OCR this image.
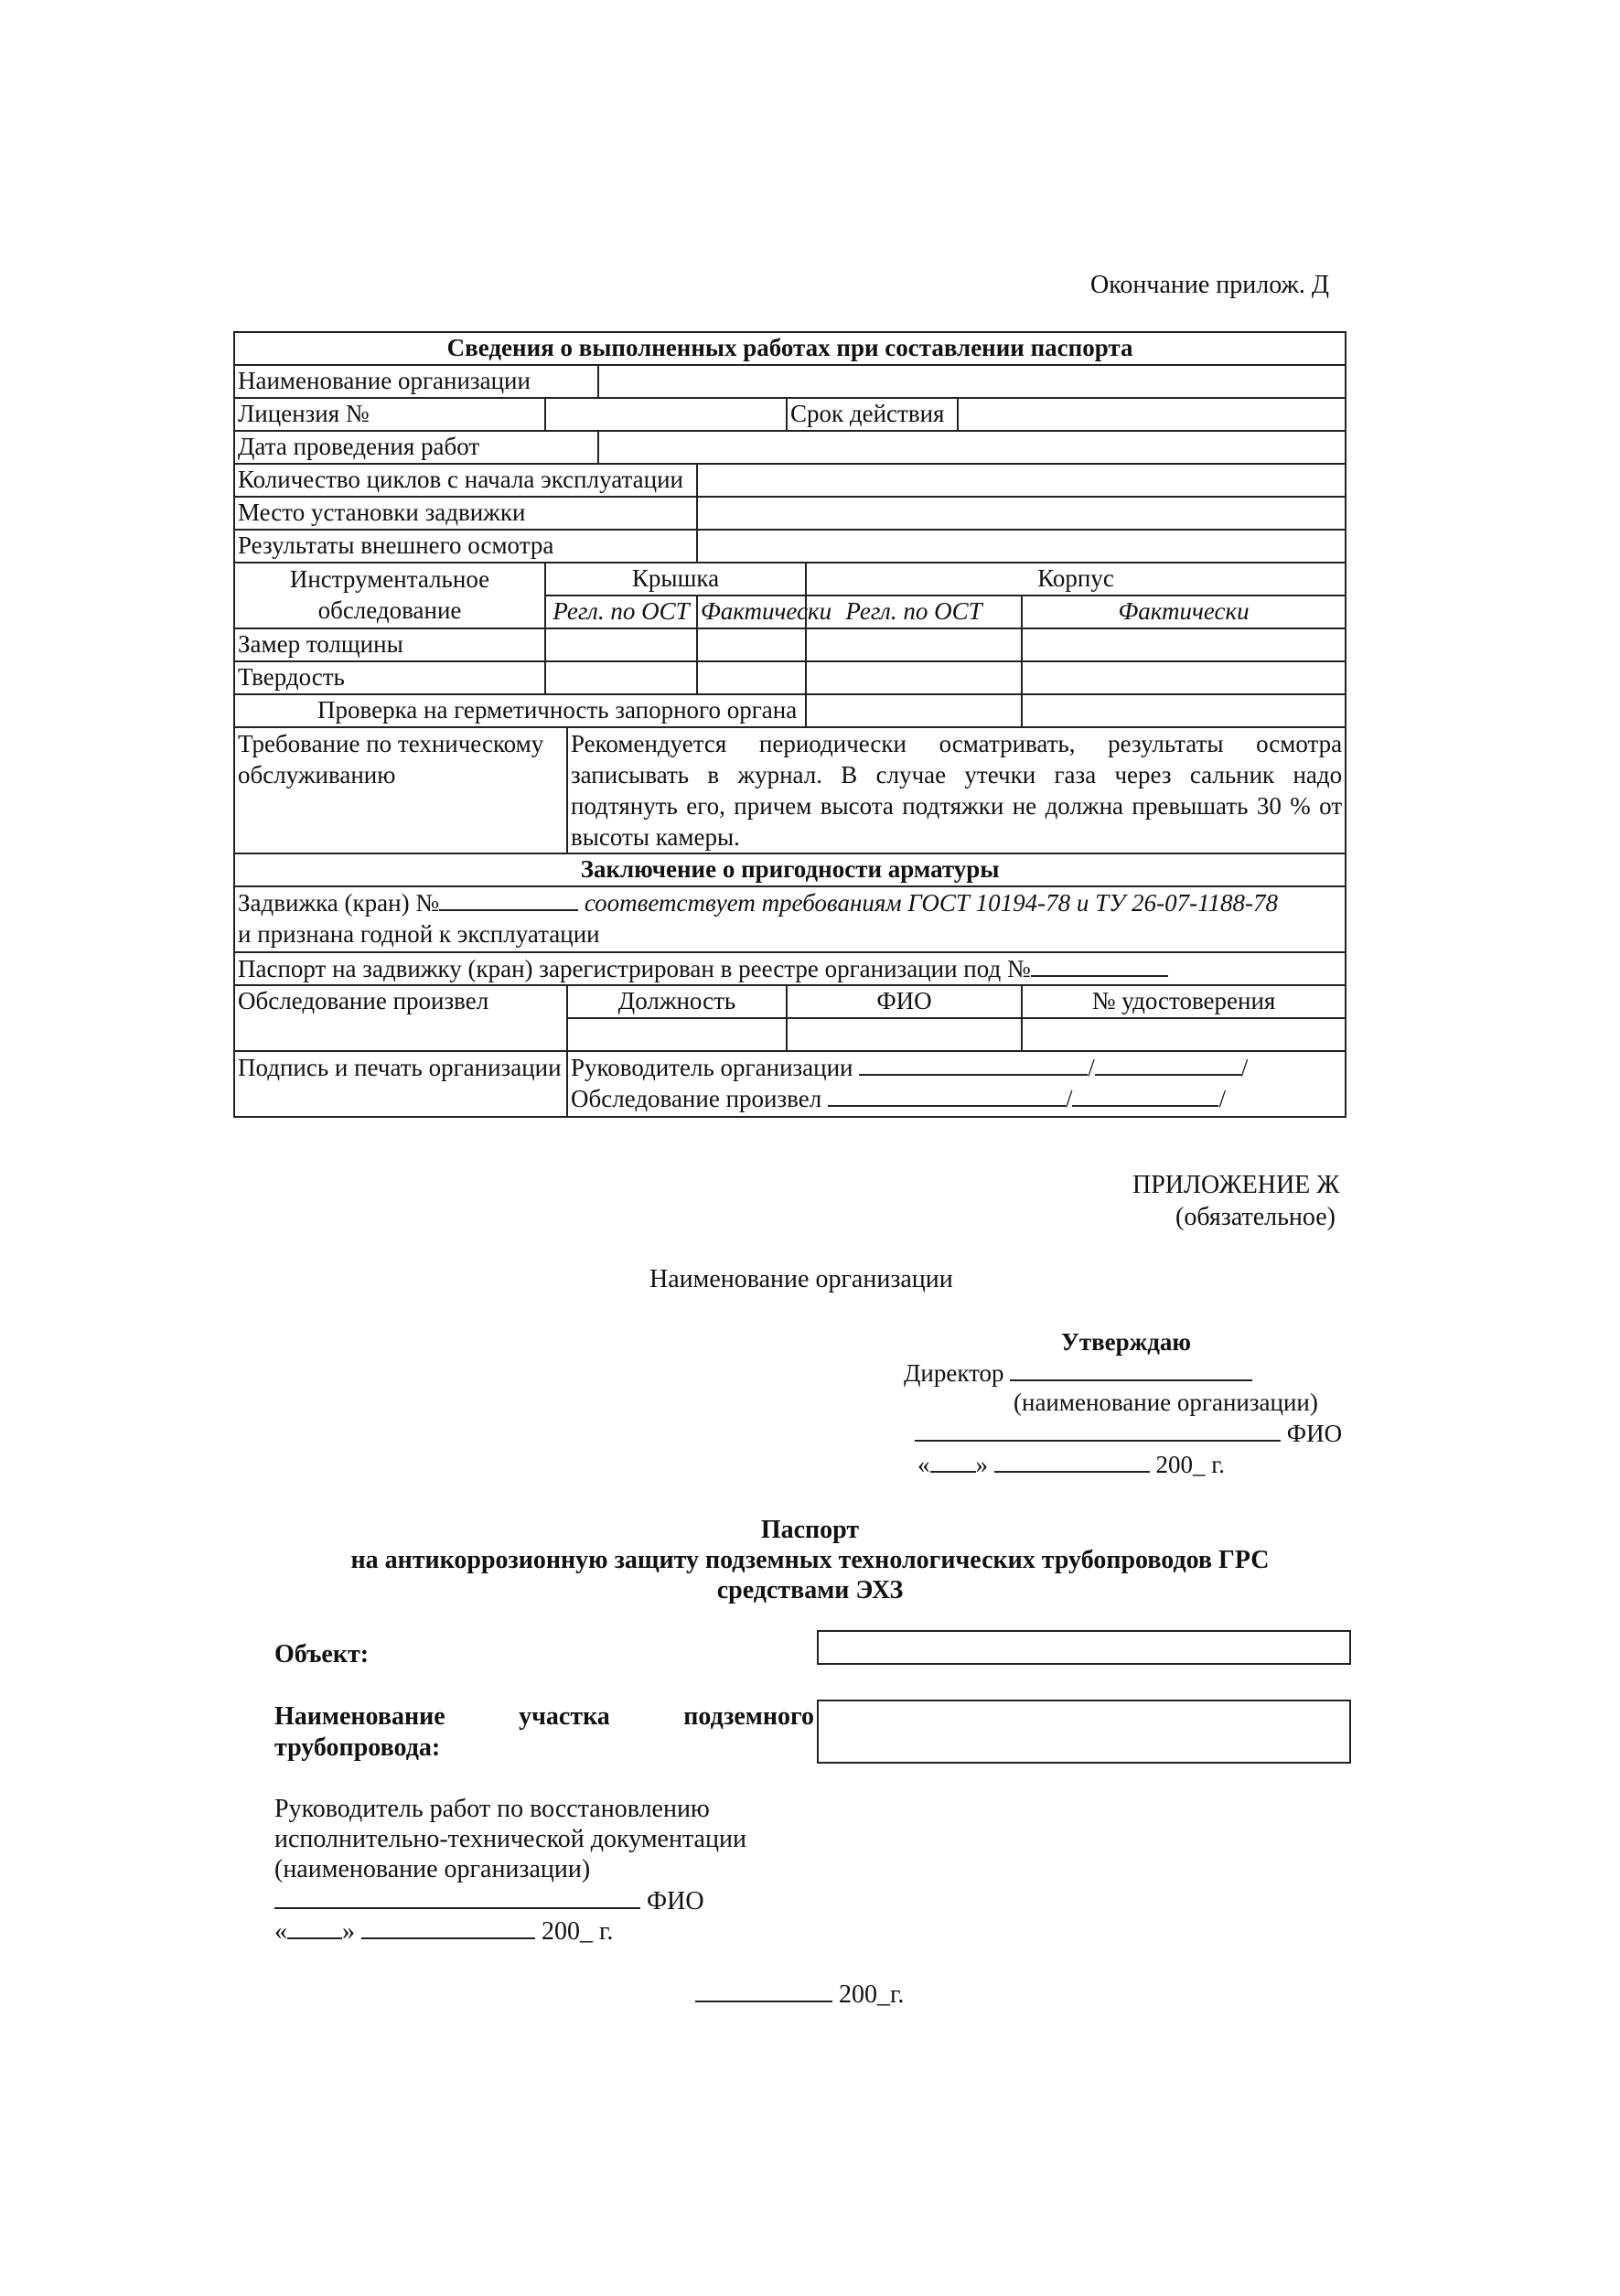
Окончание прилож. Д
Сведения о выполненных работах при составлении паспорта								
Наименование организации								
Лицензия №					Срок действия			
Дата проведения работ								
Количество циклов с начала эксплуатации								
Место установки задвижки								
Результаты внешнего осмотра								
Инструментальное обследование	Крышка					Корпус		
	Регл. по ОСТ			Фактически		Регл. по ОСТ		Фактически
Замер толщины								
Твердость								
Проверка на герметичность запорного органа								
Требование по техническому обслуживанию		Рекомендуется периодически осматривать, результаты осмотра записывать в журнал. В случае утечки газа через сальник надо подтянуть его, причем высота подтяжки не должна превышать 30 % от высоты камеры.						
Заключение о пригодности арматуры								
Задвижка (кран) № соответствует требованиям ГОСТ 10194-78 и ТУ 26-07-1188-78
и признана годной к эксплуатации								
Паспорт на задвижку (кран) зарегистрирован в реестре организации под №								
Обследование произвел		Должность			ФИО			№ удостоверения

Подпись и печать организации		Руководитель организации / /
Обследование произвел / /						
ПРИЛОЖЕНИЕ Ж
(обязательное)
Наименование организации
Утверждаю
Директор
(наименование организации)
ФИО
« »	200_ г.
Паспорт
на антикоррозионную защиту подземных технологических трубопроводов ГРС
средствами ЭХЗ
Объект:
Наименование участка подземного трубопровода:
Руководитель работ по восстановлению
исполнительно-технической документации
(наименование организации)
ФИО
« »	200_ г.
200_г.
